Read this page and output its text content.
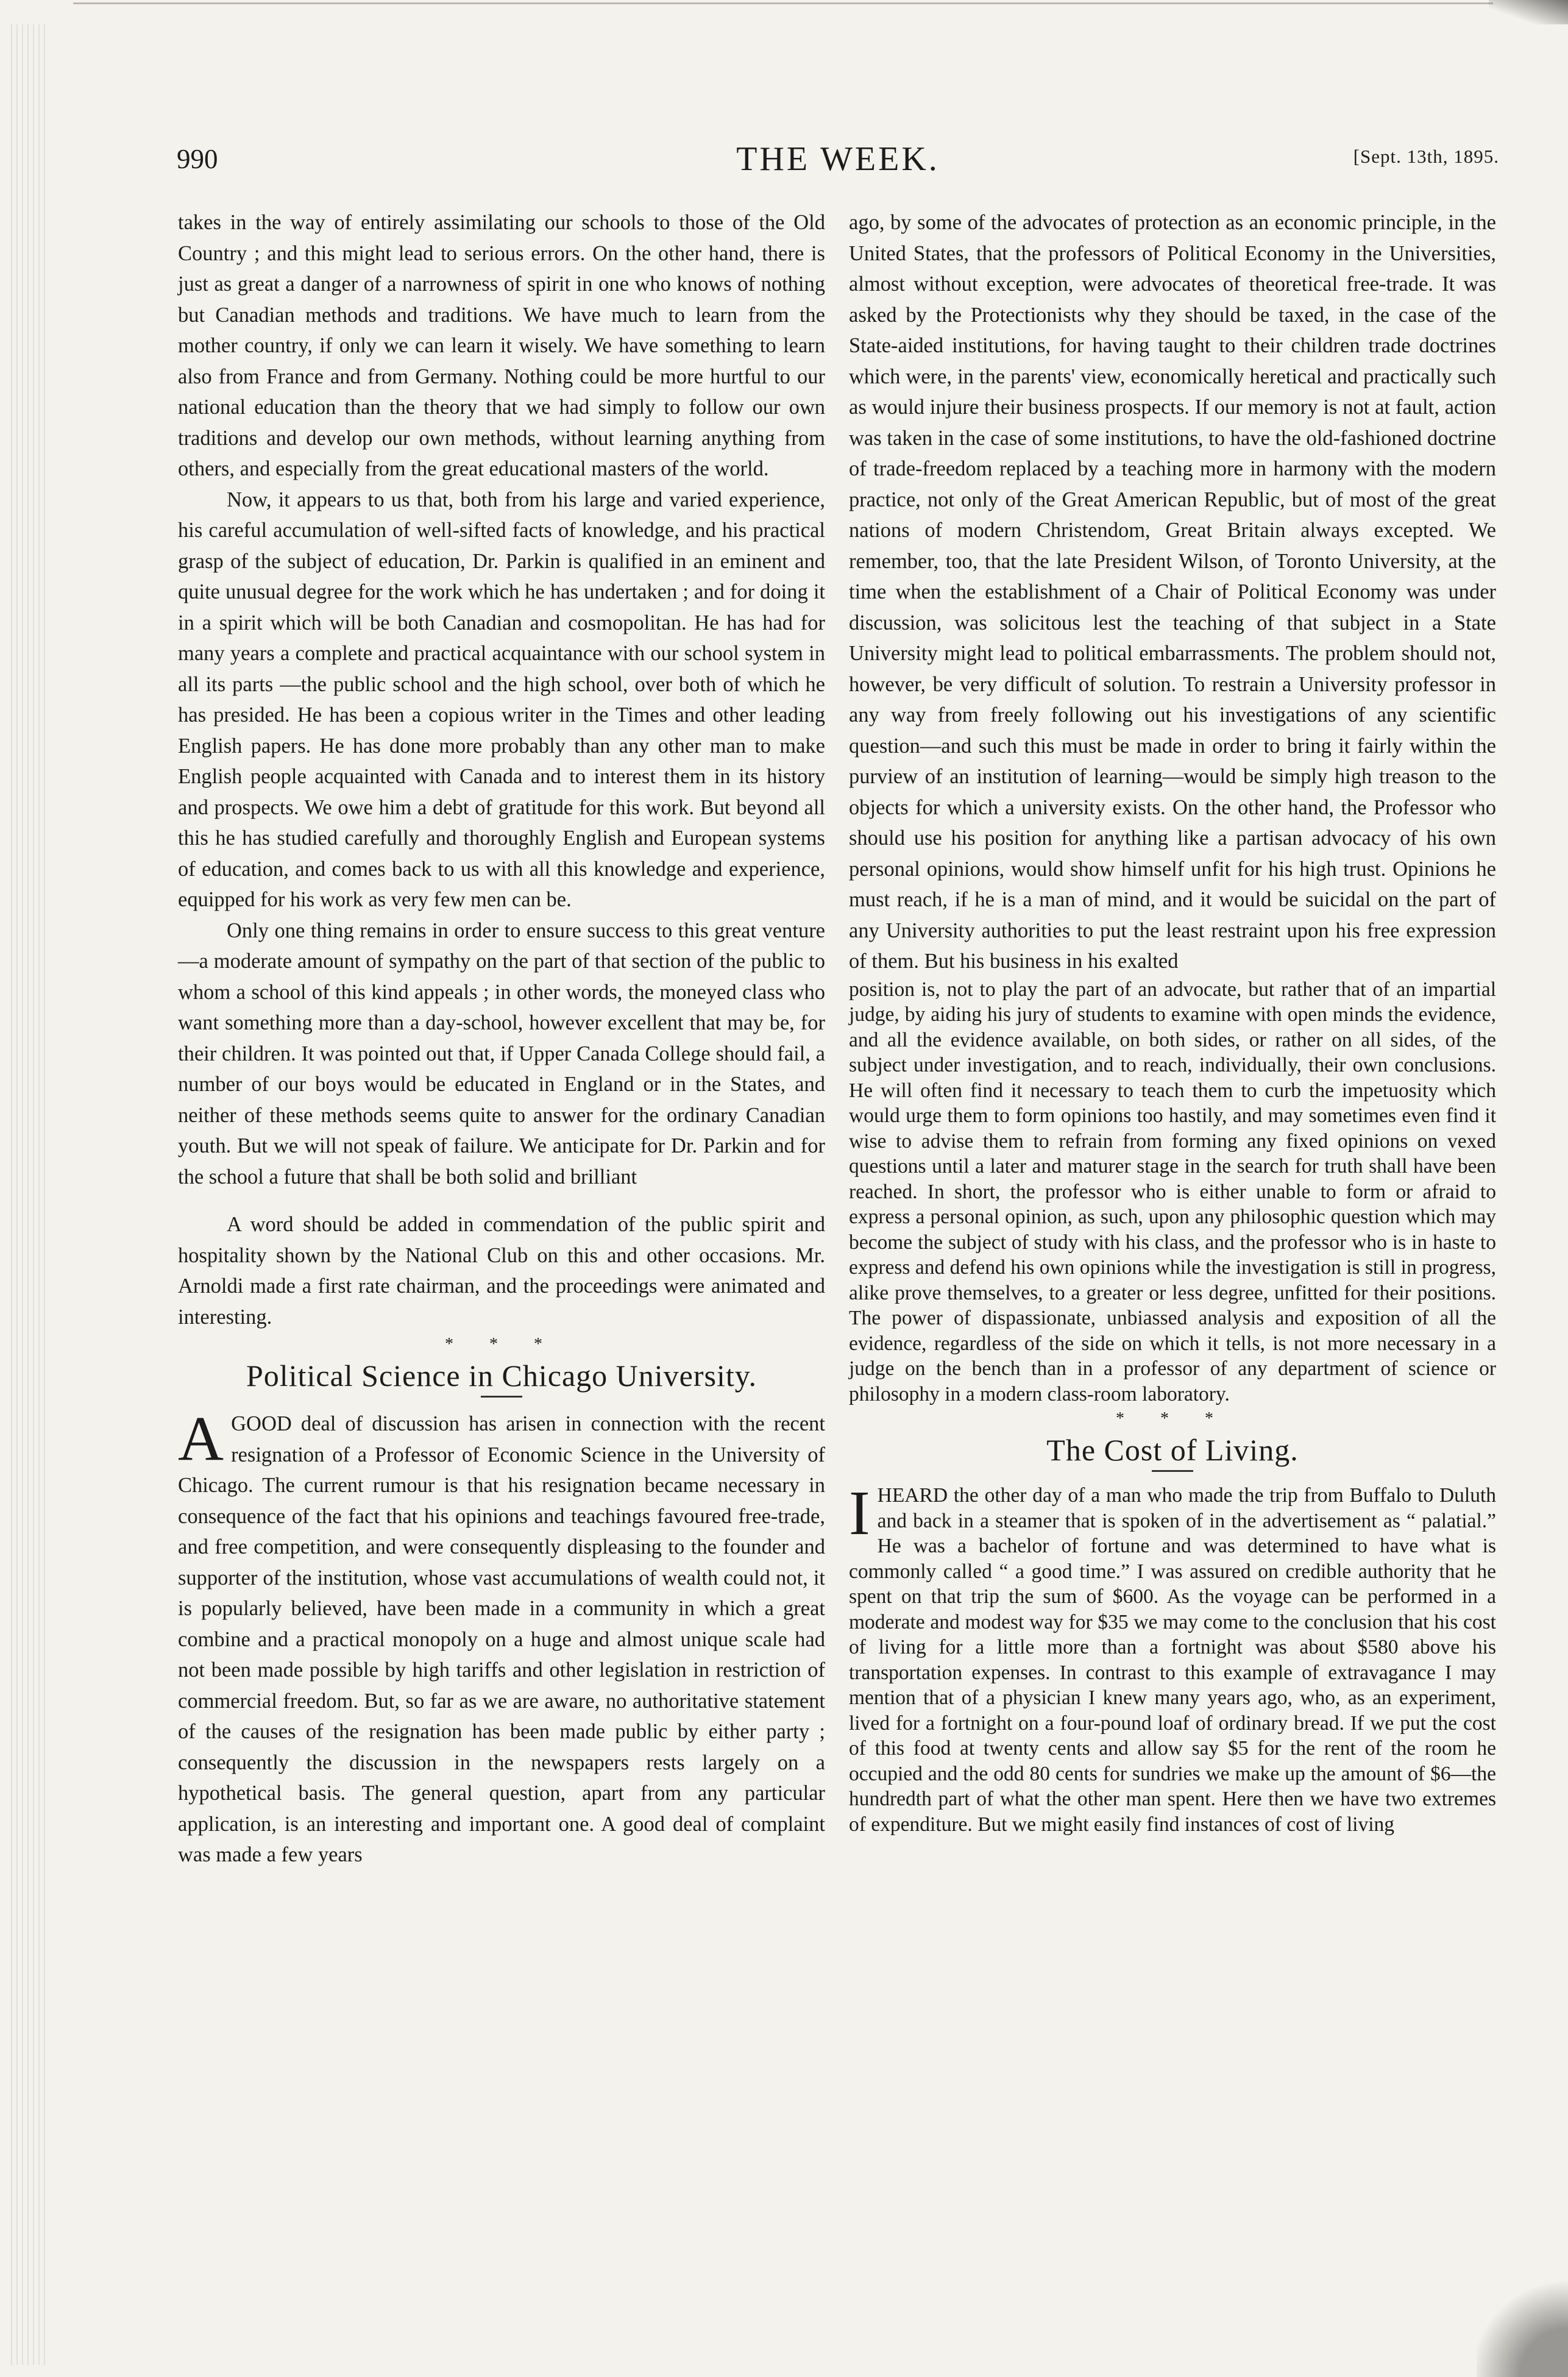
990	THE WEEK.	[Sept. 13th, 1895.

takes in the way of entirely assimilating our schools to those of the Old Country ; and this might lead to serious errors. On the other hand, there is just as great a danger of a narrowness of spirit in one who knows of nothing but Canadian methods and traditions. We have much to learn from the mother country, if only we can learn it wisely. We have something to learn also from France and from Germany. Nothing could be more hurtful to our national education than the theory that we had simply to follow our own traditions and develop our own methods, without learning anything from others, and especially from the great educational masters of the world.

Now, it appears to us that, both from his large and varied experience, his careful accumulation of well-sifted facts of knowledge, and his practical grasp of the subject of education, Dr. Parkin is qualified in an eminent and quite unusual degree for the work which he has undertaken ; and for doing it in a spirit which will be both Canadian and cosmopolitan. He has had for many years a complete and practical acquaintance with our school system in all its parts —the public school and the high school, over both of which he has presided. He has been a copious writer in the Times and other leading English papers. He has done more probably than any other man to make English people acquainted with Canada and to interest them in its history and prospects. We owe him a debt of gratitude for this work. But beyond all this he has studied carefully and thoroughly English and European systems of education, and comes back to us with all this knowledge and experience, equipped for his work as very few men can be.

Only one thing remains in order to ensure success to this great venture—a moderate amount of sympathy on the part of that section of the public to whom a school of this kind appeals ; in other words, the moneyed class who want something more than a day-school, however excellent that may be, for their children. It was pointed out that, if Upper Canada College should fail, a number of our boys would be educated in England or in the States, and neither of these methods seems quite to answer for the ordinary Canadian youth. But we will not speak of failure. We anticipate for Dr. Parkin and for the school a future that shall be both solid and brilliant

A word should be added in commendation of the public spirit and hospitality shown by the National Club on this and other occasions. Mr. Arnoldi made a first rate chairman, and the proceedings were animated and interesting.

* * *
Political Science in Chicago University.

AGOOD deal of discussion has arisen in connection with the recent resignation of a Professor of Economic Science in the University of Chicago. The current rumour is that his resignation became necessary in consequence of the fact that his opinions and teachings favoured free-trade, and free competition, and were consequently displeasing to the founder and supporter of the institution, whose vast accumulations of wealth could not, it is popularly believed, have been made in a community in which a great combine and a practical monopoly on a huge and almost unique scale had not been made possible by high tariffs and other legislation in restriction of commercial freedom. But, so far as we are aware, no authoritative statement of the causes of the resignation has been made public by either party ; consequently the discussion in the newspapers rests largely on a hypothetical basis. The general question, apart from any particular application, is an interesting and important one. A good deal of complaint was made a few years

ago, by some of the advocates of protection as an economic principle, in the United States, that the professors of Political Economy in the Universities, almost without exception, were advocates of theoretical free-trade. It was asked by the Protectionists why they should be taxed, in the case of the State-aided institutions, for having taught to their children trade doctrines which were, in the parents' view, economically heretical and practically such as would injure their business prospects. If our memory is not at fault, action was taken in the case of some institutions, to have the old-fashioned doctrine of trade-freedom replaced by a teaching more in harmony with the modern practice, not only of the Great American Republic, but of most of the great nations of modern Christendom, Great Britain always excepted. We remember, too, that the late President Wilson, of Toronto University, at the time when the establishment of a Chair of Political Economy was under discussion, was solicitous lest the teaching of that subject in a State University might lead to political embarrassments. The problem should not, however, be very difficult of solution. To restrain a University professor in any way from freely following out his investigations of any scientific question—and such this must be made in order to bring it fairly within the purview of an institution of learning—would be simply high treason to the objects for which a university exists. On the other hand, the Professor who should use his position for anything like a partisan advocacy of his own personal opinions, would show himself unfit for his high trust. Opinions he must reach, if he is a man of mind, and it would be suicidal on the part of any University authorities to put the least restraint upon his free expression of them. But his business in his exalted

position is, not to play the part of an advocate, but rather that of an impartial judge, by aiding his jury of students to examine with open minds the evidence, and all the evidence available, on both sides, or rather on all sides, of the subject under investigation, and to reach, individually, their own conclusions. He will often find it necessary to teach them to curb the impetuosity which would urge them to form opinions too hastily, and may sometimes even find it wise to advise them to refrain from forming any fixed opinions on vexed questions until a later and maturer stage in the search for truth shall have been reached. In short, the professor who is either unable to form or afraid to express a personal opinion, as such, upon any philosophic question which may become the subject of study with his class, and the professor who is in haste to express and defend his own opinions while the investigation is still in progress, alike prove themselves, to a greater or less degree, unfitted for their positions. The power of dispassionate, unbiassed analysis and exposition of all the evidence, regardless of the side on which it tells, is not more necessary in a judge on the bench than in a professor of any department of science or philosophy in a modern class-room laboratory.

* * *
The Cost of Living.

IHEARD the other day of a man who made the trip from Buffalo to Duluth and back in a steamer that is spoken of in the advertisement as “ palatial.” He was a bachelor of fortune and was determined to have what is commonly called “ a good time.” I was assured on credible authority that he spent on that trip the sum of $600. As the voyage can be performed in a moderate and modest way for $35 we may come to the conclusion that his cost of living for a little more than a fortnight was about $580 above his transportation expenses. In contrast to this example of extravagance I may mention that of a physician I knew many years ago, who, as an experiment, lived for a fortnight on a four-pound loaf of ordinary bread. If we put the cost of this food at twenty cents and allow say $5 for the rent of the room he occupied and the odd 80 cents for sundries we make up the amount of $6—the hundredth part of what the other man spent. Here then we have two extremes of expenditure. But we might easily find instances of cost of living
